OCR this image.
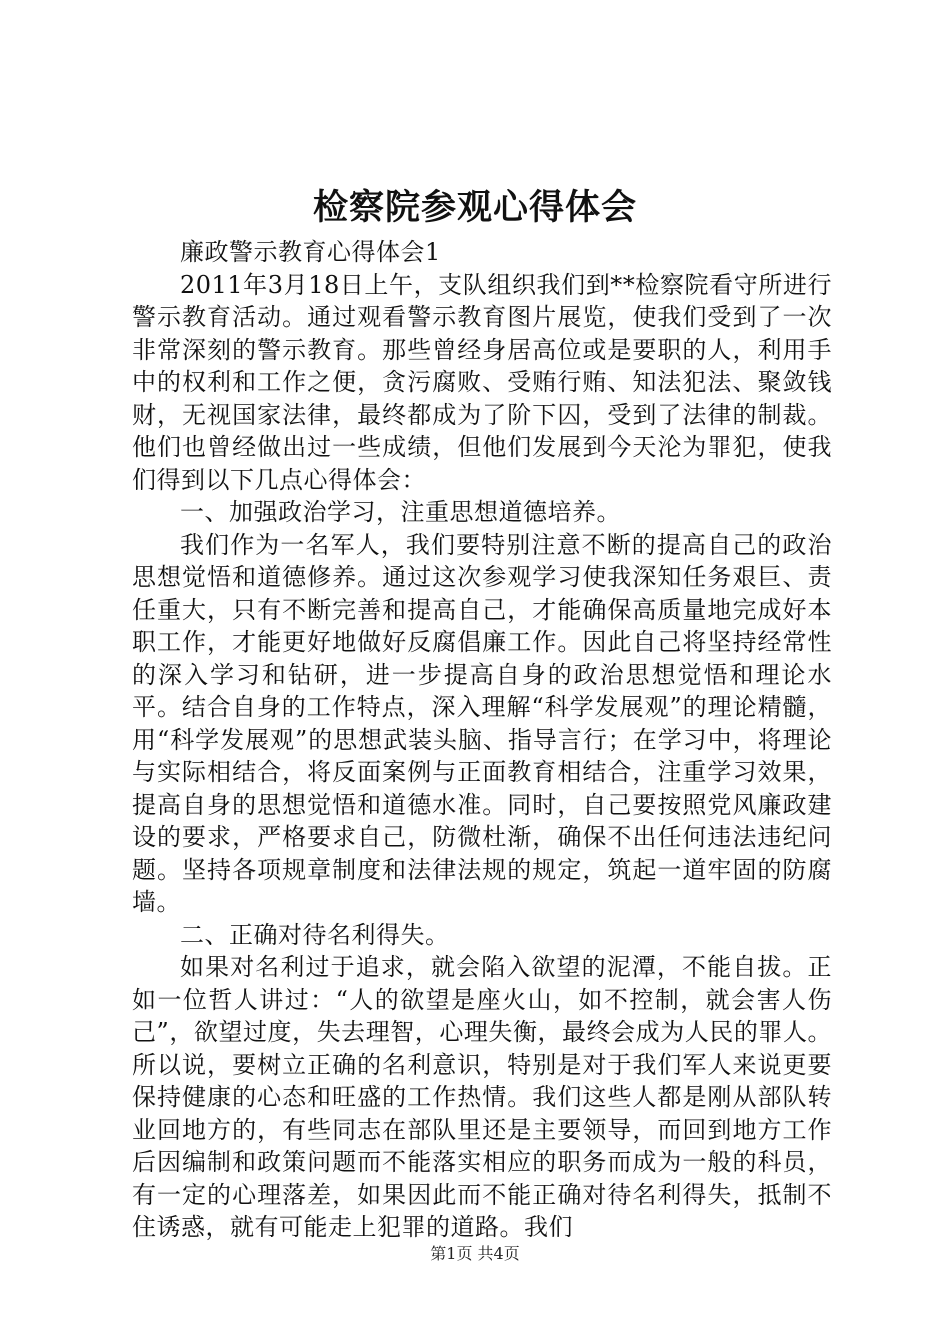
检察院参观心得体会

廉政警示教育心得体会1

2011年3月18日上午，支队组织我们到**检察院看守所进行警示教育活动。通过观看警示教育图片展览，使我们受到了一次非常深刻的警示教育。那些曾经身居高位或是要职的人，利用手中的权利和工作之便，贪污腐败、受贿行贿、知法犯法、聚敛钱财，无视国家法律，最终都成为了阶下囚，受到了法律的制裁。他们也曾经做出过一些成绩，但他们发展到今天沦为罪犯，使我们得到以下几点心得体会：

一、加强政治学习，注重思想道德培养。

我们作为一名军人，我们要特别注意不断的提高自己的政治思想觉悟和道德修养。通过这次参观学习使我深知任务艰巨、责任重大，只有不断完善和提高自己，才能确保高质量地完成好本职工作，才能更好地做好反腐倡廉工作。因此自己将坚持经常性的深入学习和钻研，进一步提高自身的政治思想觉悟和理论水平。结合自身的工作特点，深入理解“科学发展观”的理论精髓，用“科学发展观”的思想武装头脑、指导言行；在学习中，将理论与实际相结合，将反面案例与正面教育相结合，注重学习效果，提高自身的思想觉悟和道德水准。同时，自己要按照党风廉政建设的要求，严格要求自己，防微杜渐，确保不出任何违法违纪问题。坚持各项规章制度和法律法规的规定，筑起一道牢固的防腐墙。

二、正确对待名利得失。

如果对名利过于追求，就会陷入欲望的泥潭，不能自拔。正如一位哲人讲过：“人的欲望是座火山，如不控制，就会害人伤己”，欲望过度，失去理智，心理失衡，最终会成为人民的罪人。所以说，要树立正确的名利意识，特别是对于我们军人来说更要保持健康的心态和旺盛的工作热情。我们这些人都是刚从部队转业回地方的，有些同志在部队里还是主要领导，而回到地方工作后因编制和政策问题而不能落实相应的职务而成为一般的科员，有一定的心理落差，如果因此而不能正确对待名利得失，抵制不住诱惑，就有可能走上犯罪的道路。我们

第1页 共4页
